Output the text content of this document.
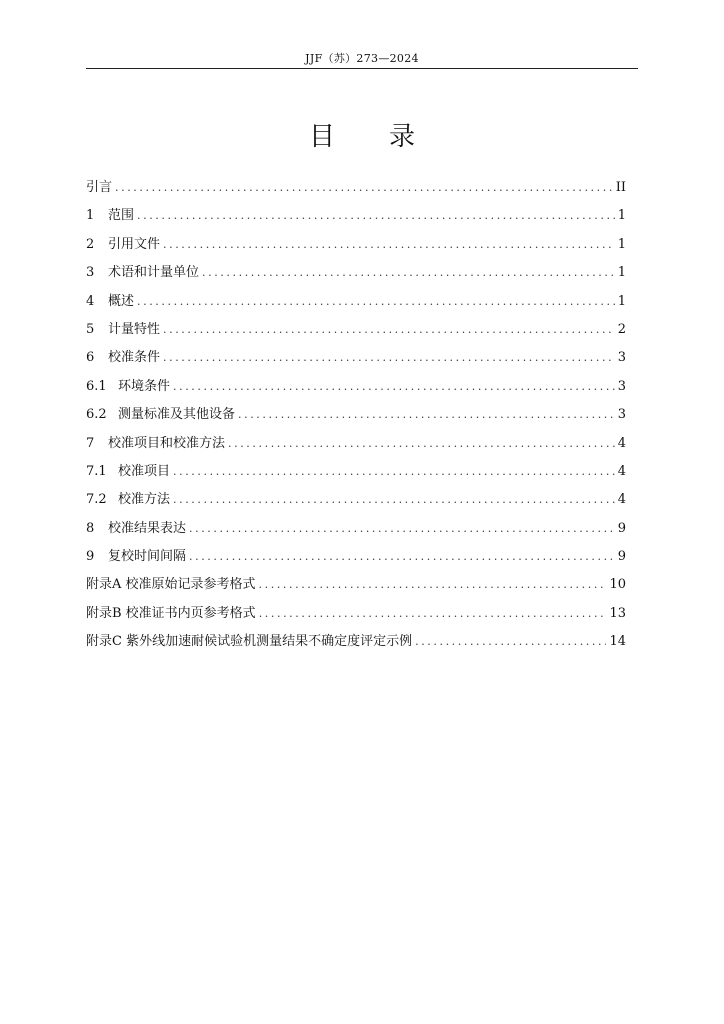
JJF（苏）273—2024
目 录
引言 .....	II
1	范围 .....	1
2	引用文件 .....	1
3	术语和计量单位 .....	1
4	概述 .....	1
5	计量特性 .....	2
6	校准条件 .....	3
6.1 环境条件 .....	3
6.2 测量标准及其他设备 .....	3
7	校准项目和校准方法 .....	4
7.1 校准项目 .....	4
7.2 校准方法 .....	4
8	校准结果表达 .....	9
9	复校时间间隔 .....	9
附录A 校准原始记录参考格式 .....	10
附录B 校准证书内页参考格式 .....	13
附录C 紫外线加速耐候试验机测量结果不确定度评定示例 .....	14
